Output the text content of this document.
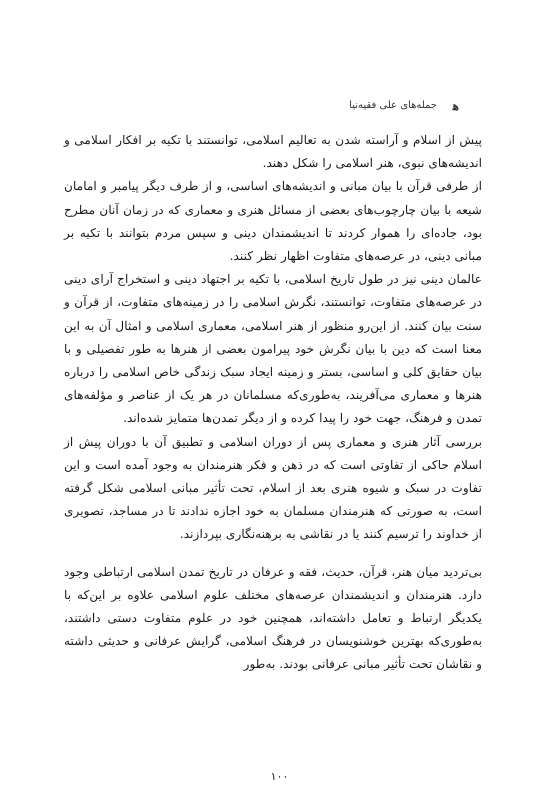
جمله‌های علی فقیه‌نیا ﻫ

پیش از اسلام و آراسته شدن به تعالیم اسلامی، توانستند با تکیه بر افکار اسلامی و اندیشه‌های نبوی، هنر اسلامی را شکل دهند.

از طرفی قرآن با بیان مبانی و اندیشه‌های اساسی، و از طرف دیگر پیامبر و امامان شیعه با بیان چارچوب‌های بعضی از مسائل هنری و معماری که در زمان آنان مطرح بود، جاده‌ای را هموار کردند تا اندیشمندان دینی و سپس مردم بتوانند با تکیه بر مبانی دینی، در عرصه‌های متفاوت اظهار نظر کنند.

عالمان دینی نیز در طول تاریخ اسلامی، با تکیه بر اجتهاد دینی و استخراج آرای دینی در عرصه‌های متفاوت، توانستند، نگرش اسلامی را در زمینه‌های متفاوت، از قرآن و سنت بیان کنند. از این‌رو منظور از هنر اسلامی، معماری اسلامی و امثال آن به این معنا است که دین با بیان نگرش خود پیرامون بعضی از هنرها به طور تفصیلی و با بیان حقایق کلی و اساسی، بستر و زمینه ایجاد سبک زندگی خاص اسلامی را درباره هنرها و معماری می‌آفریند، به‌طوری‌که مسلمانان در هر یک از عناصر و مؤلفه‌های تمدن و فرهنگ، جهت خود را پیدا کرده و از دیگر تمدن‌ها متمایز شده‌اند.

بررسی آثار هنری و معماری پس از دوران اسلامی و تطبیق آن با دوران پیش از اسلام حاکی از تفاوتی است که در ذهن و فکر هنرمندان به وجود آمده است و این تفاوت در سبک و شیوه هنری بعد از اسلام، تحت تأثیر مبانی اسلامی شکل گرفته است، به صورتی که هنرمندان مسلمان به خود اجازه ندادند تا در مساجد، تصویری از خداوند را ترسیم کنند یا در نقاشی به برهنه‌نگاری بپردازند.

بی‌تردید میان هنر، قرآن، حدیث، فقه و عرفان در تاریخ تمدن اسلامی ارتباطی وجود دارد. هنرمندان و اندیشمندان عرصه‌های مختلف علوم اسلامی علاوه بر این‌که با یکدیگر ارتباط و تعامل داشته‌اند، همچنین خود در علوم متفاوت دستی داشتند، به‌طوری‌که بهترین خوشنویسان در فرهنگ اسلامی، گرایش عرفانی و حدیثی داشته و نقاشان تحت تأثیر مبانی عرفانی بودند. به‌طور

۱۰۰
